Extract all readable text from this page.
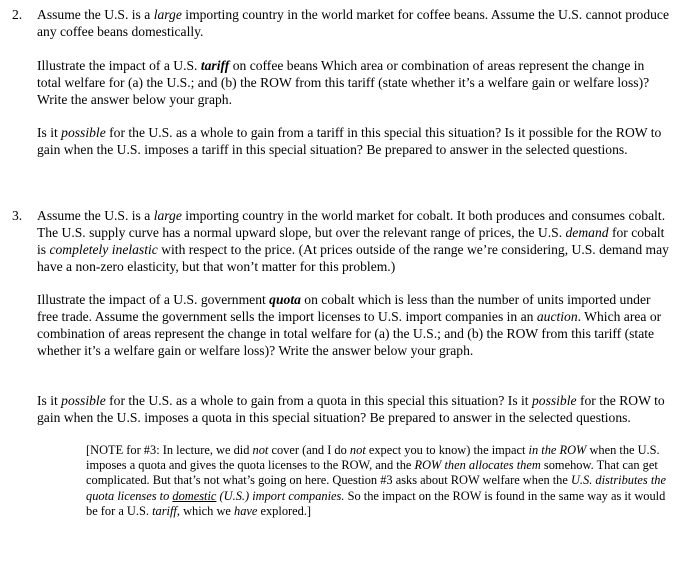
2. Assume the U.S. is a large importing country in the world market for coffee beans. Assume the U.S. cannot produce any coffee beans domestically.

Illustrate the impact of a U.S. tariff on coffee beans Which area or combination of areas represent the change in total welfare for (a) the U.S.; and (b) the ROW from this tariff (state whether it’s a welfare gain or welfare loss)? Write the answer below your graph.

Is it possible for the U.S. as a whole to gain from a tariff in this special this situation? Is it possible for the ROW to gain when the U.S. imposes a tariff in this special situation? Be prepared to answer in the selected questions.

3. Assume the U.S. is a large importing country in the world market for cobalt. It both produces and consumes cobalt. The U.S. supply curve has a normal upward slope, but over the relevant range of prices, the U.S. demand for cobalt is completely inelastic with respect to the price. (At prices outside of the range we’re considering, U.S. demand may have a non-zero elasticity, but that won’t matter for this problem.)

Illustrate the impact of a U.S. government quota on cobalt which is less than the number of units imported under free trade. Assume the government sells the import licenses to U.S. import companies in an auction. Which area or combination of areas represent the change in total welfare for (a) the U.S.; and (b) the ROW from this tariff (state whether it’s a welfare gain or welfare loss)? Write the answer below your graph.

Is it possible for the U.S. as a whole to gain from a quota in this special this situation? Is it possible for the ROW to gain when the U.S. imposes a quota in this special situation? Be prepared to answer in the selected questions.

[NOTE for #3: In lecture, we did not cover (and I do not expect you to know) the impact in the ROW when the U.S. imposes a quota and gives the quota licenses to the ROW, and the ROW then allocates them somehow. That can get complicated. But that’s not what’s going on here. Question #3 asks about ROW welfare when the U.S. distributes the quota licenses to domestic (U.S.) import companies. So the impact on the ROW is found in the same way as it would be for a U.S. tariff, which we have explored.]
